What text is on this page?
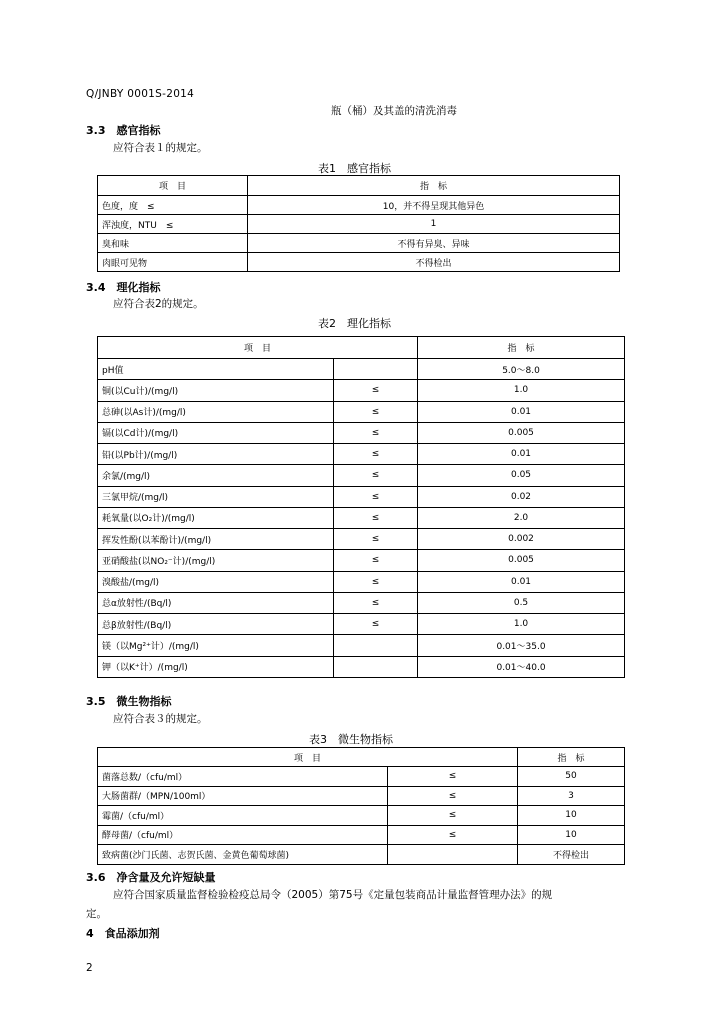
Q/JNBY 0001S-2014
瓶（桶）及其盖的清洗消毒
3.3　感官指标
应符合表１的规定。
表1　感官指标
项　目	指　标
色度，度　≤	10，并不得呈现其他异色
浑浊度，NTU　≤	1
臭和味	不得有异臭、异味
肉眼可见物	不得检出
3.4　理化指标
应符合表2的规定。
表2　理化指标
项　目		指　标
pH值		5.0～8.0
铜(以Cu计)/(mg/l)	≤	1.0
总砷(以As计)/(mg/l)	≤	0.01
镉(以Cd计)/(mg/l)	≤	0.005
铅(以Pb计)/(mg/l)	≤	0.01
余氯/(mg/l)	≤	0.05
三氯甲烷/(mg/l)	≤	0.02
耗氧量(以O₂计)/(mg/l)	≤	2.0
挥发性酚(以苯酚计)/(mg/l)	≤	0.002
亚硝酸盐(以NO₂⁻计)/(mg/l)	≤	0.005
溴酸盐/(mg/l)	≤	0.01
总α放射性/(Bq/l)	≤	0.5
总β放射性/(Bq/l)	≤	1.0
镁（以Mg²⁺计）/(mg/l)		0.01～35.0
钾（以K⁺计）/(mg/l)		0.01～40.0
3.5　微生物指标
应符合表３的规定。
表3　微生物指标
项　目		指　标
菌落总数/（cfu/ml）	≤	50
大肠菌群/（MPN/100ml）	≤	3
霉菌/（cfu/ml）	≤	10
酵母菌/（cfu/ml）	≤	10
致病菌(沙门氏菌、志贺氏菌、金黄色葡萄球菌)		不得检出
3.6　净含量及允许短缺量
应符合国家质量监督检验检疫总局令（2005）第75号《定量包装商品计量监督管理办法》的规
定。
4　食品添加剂
2
